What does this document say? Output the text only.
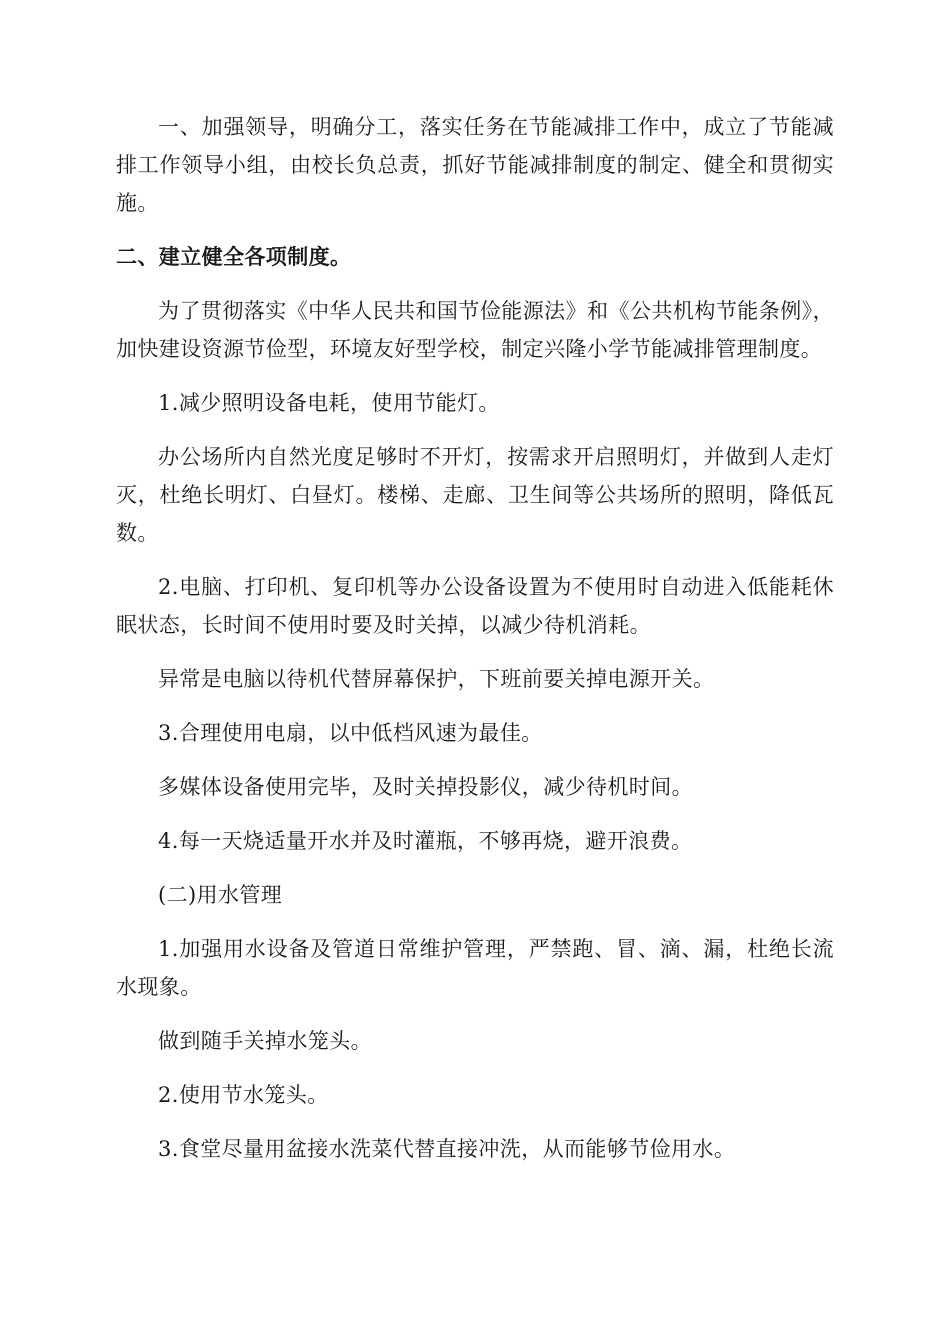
一、加强领导，明确分工，落实任务在节能减排工作中，成立了节能减排工作领导小组，由校长负总责，抓好节能减排制度的制定、健全和贯彻实施。

二、建立健全各项制度。

为了贯彻落实《中华人民共和国节俭能源法》和《公共机构节能条例》，加快建设资源节俭型，环境友好型学校，制定兴隆小学节能减排管理制度。

1.减少照明设备电耗，使用节能灯。

办公场所内自然光度足够时不开灯，按需求开启照明灯，并做到人走灯灭，杜绝长明灯、白昼灯。楼梯、走廊、卫生间等公共场所的照明，降低瓦数。

2.电脑、打印机、复印机等办公设备设置为不使用时自动进入低能耗休眠状态，长时间不使用时要及时关掉，以减少待机消耗。

异常是电脑以待机代替屏幕保护，下班前要关掉电源开关。

3.合理使用电扇，以中低档风速为最佳。

多媒体设备使用完毕，及时关掉投影仪，减少待机时间。

4.每一天烧适量开水并及时灌瓶，不够再烧，避开浪费。

(二)用水管理

1.加强用水设备及管道日常维护管理，严禁跑、冒、滴、漏，杜绝长流水现象。

做到随手关掉水笼头。

2.使用节水笼头。

3.食堂尽量用盆接水洗菜代替直接冲洗，从而能够节俭用水。
